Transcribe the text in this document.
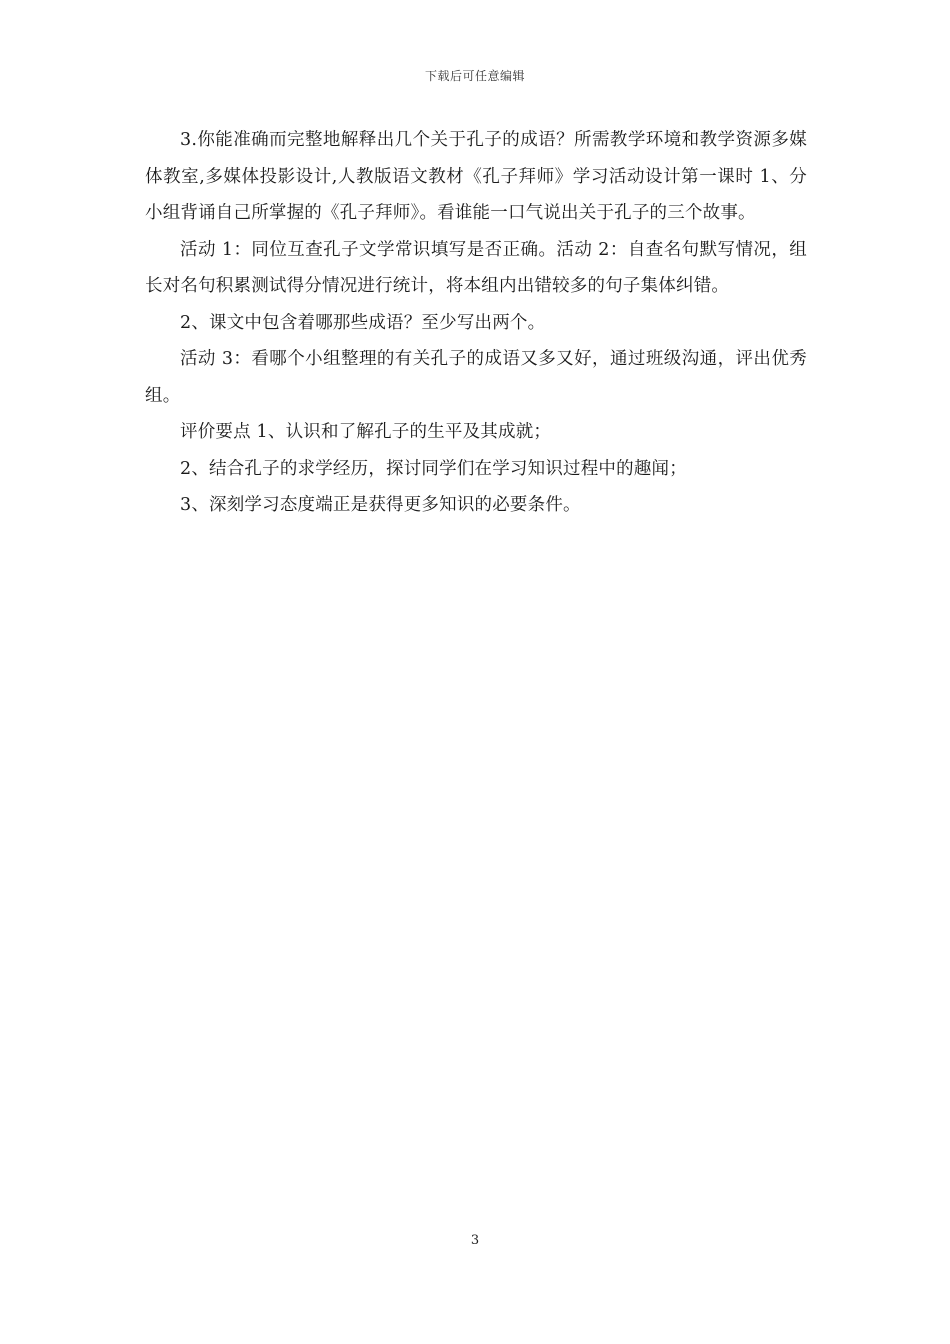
下载后可任意编辑

3.你能准确而完整地解释出几个关于孔子的成语？所需教学环境和教学资源多媒体教室,多媒体投影设计,人教版语文教材《孔子拜师》学习活动设计第一课时 1、分小组背诵自己所掌握的《孔子拜师》。看谁能一口气说出关于孔子的三个故事。

活动 1：同位互查孔子文学常识填写是否正确。活动 2：自查名句默写情况，组长对名句积累测试得分情况进行统计，将本组内出错较多的句子集体纠错。

2、课文中包含着哪那些成语？至少写出两个。

活动 3：看哪个小组整理的有关孔子的成语又多又好，通过班级沟通，评出优秀组。

评价要点 1、认识和了解孔子的生平及其成就；

2、结合孔子的求学经历，探讨同学们在学习知识过程中的趣闻；

3、深刻学习态度端正是获得更多知识的必要条件。

3
